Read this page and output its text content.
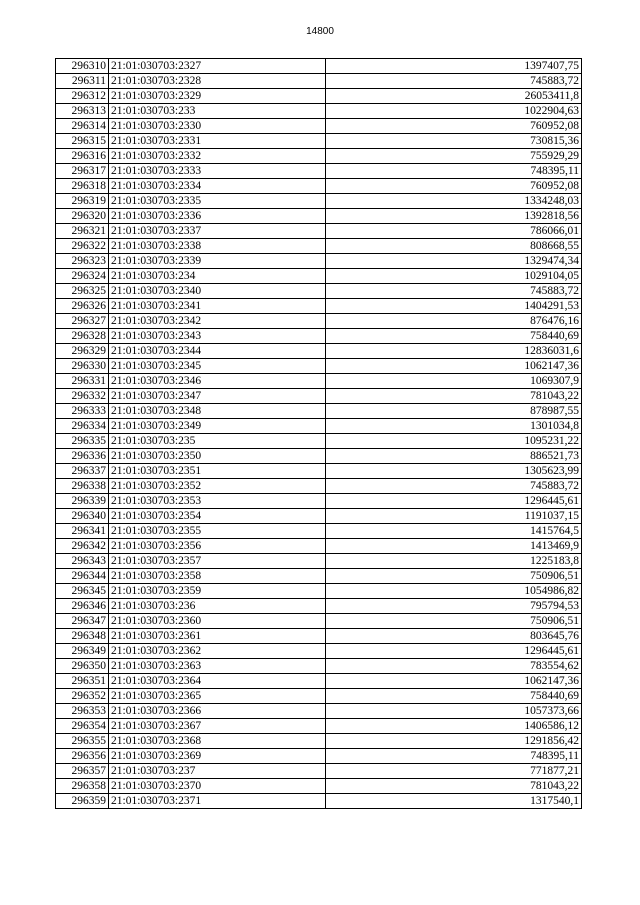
14800
296310	21:01:030703:2327	1397407,75
296311	21:01:030703:2328	745883,72
296312	21:01:030703:2329	26053411,8
296313	21:01:030703:233	1022904,63
296314	21:01:030703:2330	760952,08
296315	21:01:030703:2331	730815,36
296316	21:01:030703:2332	755929,29
296317	21:01:030703:2333	748395,11
296318	21:01:030703:2334	760952,08
296319	21:01:030703:2335	1334248,03
296320	21:01:030703:2336	1392818,56
296321	21:01:030703:2337	786066,01
296322	21:01:030703:2338	808668,55
296323	21:01:030703:2339	1329474,34
296324	21:01:030703:234	1029104,05
296325	21:01:030703:2340	745883,72
296326	21:01:030703:2341	1404291,53
296327	21:01:030703:2342	876476,16
296328	21:01:030703:2343	758440,69
296329	21:01:030703:2344	12836031,6
296330	21:01:030703:2345	1062147,36
296331	21:01:030703:2346	1069307,9
296332	21:01:030703:2347	781043,22
296333	21:01:030703:2348	878987,55
296334	21:01:030703:2349	1301034,8
296335	21:01:030703:235	1095231,22
296336	21:01:030703:2350	886521,73
296337	21:01:030703:2351	1305623,99
296338	21:01:030703:2352	745883,72
296339	21:01:030703:2353	1296445,61
296340	21:01:030703:2354	1191037,15
296341	21:01:030703:2355	1415764,5
296342	21:01:030703:2356	1413469,9
296343	21:01:030703:2357	1225183,8
296344	21:01:030703:2358	750906,51
296345	21:01:030703:2359	1054986,82
296346	21:01:030703:236	795794,53
296347	21:01:030703:2360	750906,51
296348	21:01:030703:2361	803645,76
296349	21:01:030703:2362	1296445,61
296350	21:01:030703:2363	783554,62
296351	21:01:030703:2364	1062147,36
296352	21:01:030703:2365	758440,69
296353	21:01:030703:2366	1057373,66
296354	21:01:030703:2367	1406586,12
296355	21:01:030703:2368	1291856,42
296356	21:01:030703:2369	748395,11
296357	21:01:030703:237	771877,21
296358	21:01:030703:2370	781043,22
296359	21:01:030703:2371	1317540,1
